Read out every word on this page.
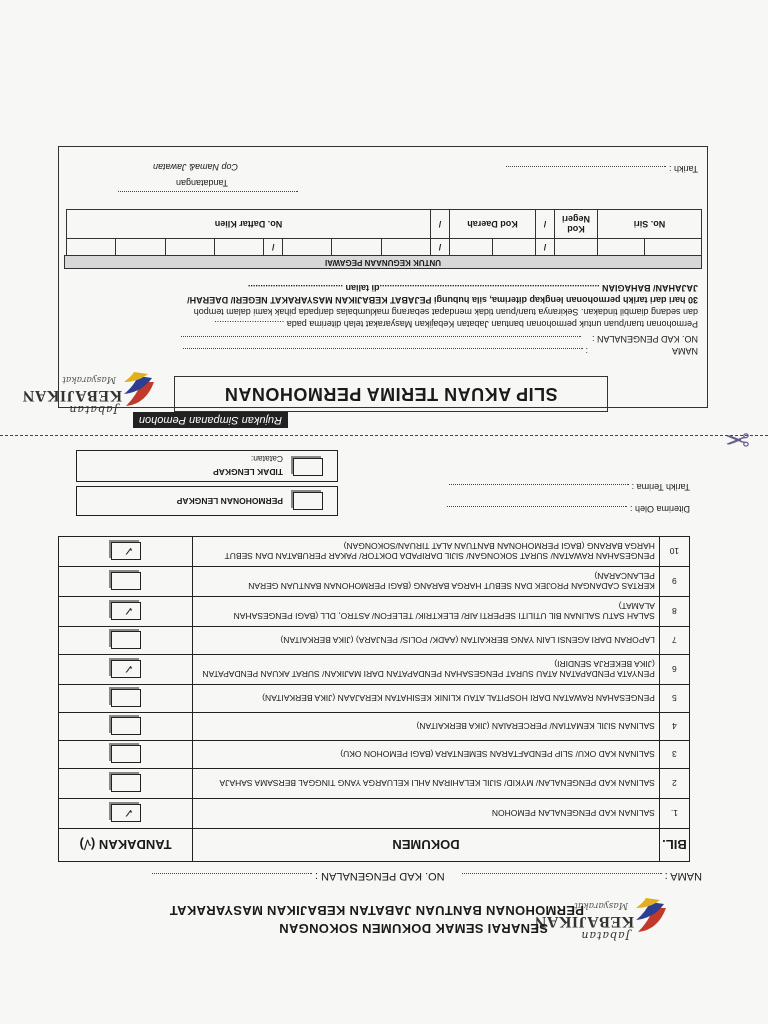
Jabatan
KEBAJIKAN
Masyarakat
SENARAI SEMAK DOKUMEN SOKONGAN
PERMOHONAN BANTUAN JABATAN KEBAJIKAN MASYARAKAT
NAMA :  NO. KAD PENGENALAN :
BIL.	DOKUMEN	TANDAKAN (√)
1.	SALINAN KAD PENGENALAN PEMOHON	✓

2	SALINAN KAD PENGENALAN/ MYKID/ SIJIL KELAHIRAN AHLI KELUARGA YANG TINGGAL BERSAMA SAHAJA	
3	SALINAN KAD OKU/ SLIP PENDAFTARAN SEMENTARA (BAGI PEMOHON OKU)	
4	SALINAN SIJIL KEMATIAN/ PERCERAIAN (JIKA BERKAITAN)	
5	PENGESAHAN RAWATAN DARI HOSPITAL ATAU KLINIK KESIHATAN KERAJAAN (JIKA BERKAITAN)	
6	PENYATA PENDAPATAN ATAU SURAT PENGESAHAN PENDAPATAN DARI MAJIKAN/ SURAT AKUAN PENDAPATAN (JIKA BEKERJA SENDIRI)	✓

7	LAPORAN DARI AGENSI LAIN YANG BERKAITAN (AADK/ POLIS/ PENJARA) (JIKA BERKAITAN)	
8	SALAH SATU SALINAN BIL UTILITI SEPERTI AIR/ ELEKTRIK/ TELEFON/ ASTRO, DLL (BAGI PENGESAHAN ALAMAT)	✓

9	KERTAS CADANGAN PROJEK DAN SEBUT HARGA BARANG (BAGI PERMOHONAN BANTUAN GERAN PELANCARAN)	
10	PENGESAHAN RAWATAN/ SURAT SOKONGAN/ SIJIL DARIPADA DOKTOR/ PAKAR PERUBATAN DAN SEBUT HARGA BARANG (BAGI PERMOHONAN BANTUAN ALAT TIRUAN/SOKONGAN)	✓
Diterima Oleh :
Tarikh Terima :
PERMOHONAN LENGKAP
TIDAK LENGKAP
Catatan:
✂
Rujukan Simpanan Pemohon
Jabatan
KEBAJIKAN
Masyarakat
SLIP AKUAN TERIMA PERMOHONAN
NAMA:
NO. KAD PENGENALAN :
Permohonan tuan/puan untuk permohonan bantuan Jabatan Kebajikan Masyarakat telah diterima pada ............................
dan sedang diambil tindakan. Sekiranya tuan/puan tidak mendapat sebarang maklumbalas daripada pihak kami dalam tempoh
30 hari dari tarikh permohonan lengkap diterima, sila hubungi PEJABAT KEBAJIKAN MASYARAKAT NEGERI/ DAERAH/
JAJAHAN/ BAHAGIAN ........................................................................................di talian ......................................
UNTUK KEGUNAAN PEGAWAI
			/			/				/				
No. Siri		Kod Negeri	/	Kod Daerah		/	No. Daftar Klien							
Tarikh :
Tandatangan
Cop Nama& Jawatan
